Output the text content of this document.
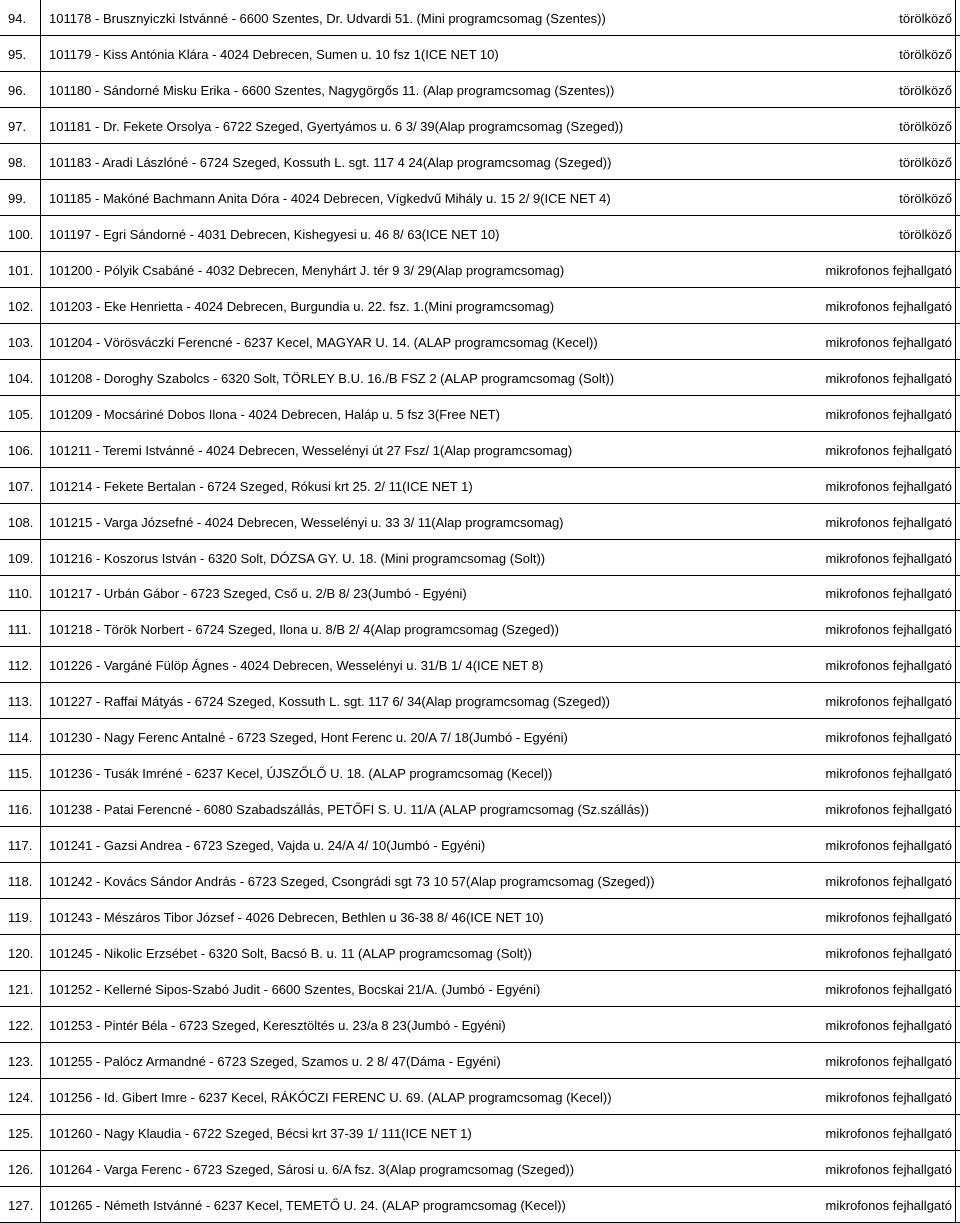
94.	101178 - Brusznyiczki Istvánné - 6600 Szentes, Dr. Udvardi 51. (Mini programcsomag (Szentes))	törölköző
95.	101179 - Kiss Antónia Klára - 4024 Debrecen, Sumen u. 10 fsz 1(ICE NET 10)	törölköző
96.	101180 - Sándorné Misku Erika - 6600 Szentes, Nagygörgős 11. (Alap programcsomag (Szentes))	törölköző
97.	101181 - Dr. Fekete Orsolya - 6722 Szeged, Gyertyámos u. 6 3/ 39(Alap programcsomag (Szeged))	törölköző
98.	101183 - Aradi Lászlóné - 6724 Szeged, Kossuth L. sgt. 117 4 24(Alap programcsomag (Szeged))	törölköző
99.	101185 - Makóné Bachmann Anita Dóra - 4024 Debrecen, Vígkedvű Mihály u. 15 2/ 9(ICE NET 4)	törölköző
100.	101197 - Egri Sándorné - 4031 Debrecen, Kishegyesi u. 46 8/ 63(ICE NET 10)	törölköző
101.	101200 - Pólyik Csabáné - 4032 Debrecen, Menyhárt J. tér 9 3/ 29(Alap programcsomag)	mikrofonos fejhallgató
102.	101203 - Eke Henrietta - 4024 Debrecen, Burgundia u. 22. fsz. 1.(Mini programcsomag)	mikrofonos fejhallgató
103.	101204 - Vörösváczki Ferencné - 6237 Kecel, MAGYAR U. 14. (ALAP programcsomag (Kecel))	mikrofonos fejhallgató
104.	101208 - Doroghy Szabolcs - 6320 Solt, TÖRLEY B.U. 16./B FSZ 2 (ALAP programcsomag (Solt))	mikrofonos fejhallgató
105.	101209 - Mocsáriné Dobos Ilona - 4024 Debrecen, Haláp u. 5 fsz 3(Free NET)	mikrofonos fejhallgató
106.	101211 - Teremi Istvánné - 4024 Debrecen, Wesselényi út 27 Fsz/ 1(Alap programcsomag)	mikrofonos fejhallgató
107.	101214 - Fekete Bertalan - 6724 Szeged, Rókusi krt 25. 2/ 11(ICE NET 1)	mikrofonos fejhallgató
108.	101215 - Varga Józsefné - 4024 Debrecen, Wesselényi u. 33 3/ 11(Alap programcsomag)	mikrofonos fejhallgató
109.	101216 - Koszorus István - 6320 Solt, DÓZSA GY. U. 18. (Mini programcsomag (Solt))	mikrofonos fejhallgató
110.	101217 - Urbán Gábor - 6723 Szeged, Cső u. 2/B 8/ 23(Jumbó - Egyéni)	mikrofonos fejhallgató
111.	101218 - Török Norbert - 6724 Szeged, Ilona u. 8/B 2/ 4(Alap programcsomag (Szeged))	mikrofonos fejhallgató
112.	101226 - Vargáné Fülöp Ágnes - 4024 Debrecen, Wesselényi u. 31/B 1/ 4(ICE NET 8)	mikrofonos fejhallgató
113.	101227 - Raffai Mátyás - 6724 Szeged, Kossuth L. sgt. 117 6/ 34(Alap programcsomag (Szeged))	mikrofonos fejhallgató
114.	101230 - Nagy Ferenc Antalné - 6723 Szeged, Hont Ferenc u. 20/A 7/ 18(Jumbó - Egyéni)	mikrofonos fejhallgató
115.	101236 - Tusák Imréné - 6237 Kecel, ÚJSZŐLŐ U. 18. (ALAP programcsomag (Kecel))	mikrofonos fejhallgató
116.	101238 - Patai Ferencné - 6080 Szabadszállás, PETŐFI S. U. 11/A (ALAP programcsomag (Sz.szállás))	mikrofonos fejhallgató
117.	101241 - Gazsi Andrea - 6723 Szeged, Vajda u. 24/A 4/ 10(Jumbó - Egyéni)	mikrofonos fejhallgató
118.	101242 - Kovács Sándor András - 6723 Szeged, Csongrádi sgt 73 10 57(Alap programcsomag (Szeged))	mikrofonos fejhallgató
119.	101243 - Mészáros Tibor József - 4026 Debrecen, Bethlen u 36-38 8/ 46(ICE NET 10)	mikrofonos fejhallgató
120.	101245 - Nikolic Erzsébet - 6320 Solt, Bacsó B. u. 11 (ALAP programcsomag (Solt))	mikrofonos fejhallgató
121.	101252 - Kellerné Sipos-Szabó Judit - 6600 Szentes, Bocskai 21/A. (Jumbó - Egyéni)	mikrofonos fejhallgató
122.	101253 - Pintér Béla - 6723 Szeged, Keresztöltés u. 23/a 8 23(Jumbó - Egyéni)	mikrofonos fejhallgató
123.	101255 - Palócz Armandné - 6723 Szeged, Szamos u. 2 8/ 47(Dáma - Egyéni)	mikrofonos fejhallgató
124.	101256 - Id. Gibert Imre - 6237 Kecel, RÁKÓCZI FERENC U. 69. (ALAP programcsomag (Kecel))	mikrofonos fejhallgató
125.	101260 - Nagy Klaudia - 6722 Szeged, Bécsi krt 37-39 1/ 111(ICE NET 1)	mikrofonos fejhallgató
126.	101264 - Varga Ferenc - 6723 Szeged, Sárosi u. 6/A fsz. 3(Alap programcsomag (Szeged))	mikrofonos fejhallgató
127.	101265 - Németh Istvánné - 6237 Kecel, TEMETŐ U. 24. (ALAP programcsomag (Kecel))	mikrofonos fejhallgató
